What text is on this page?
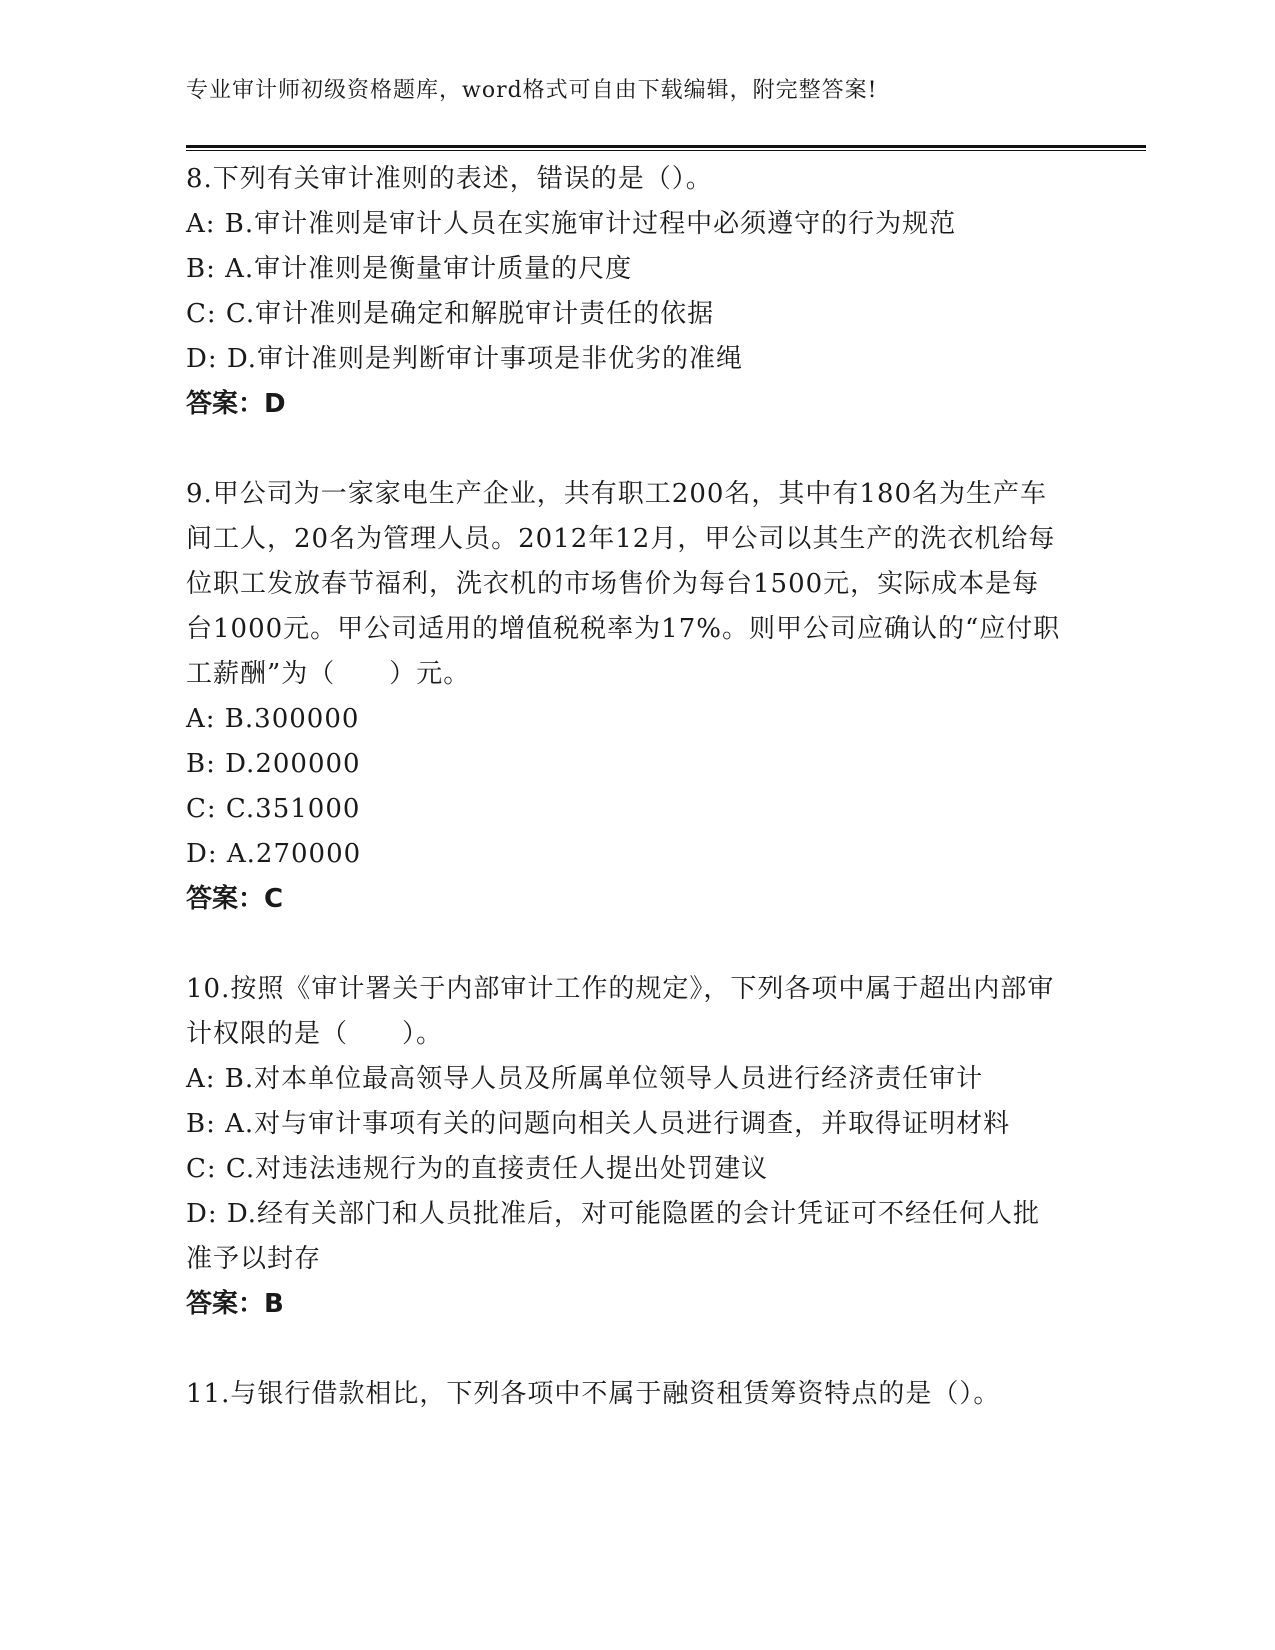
专业审计师初级资格题库，word格式可自由下载编辑，附完整答案!
8.下列有关审计准则的表述，错误的是（）。
A: B.审计准则是审计人员在实施审计过程中必须遵守的行为规范
B: A.审计准则是衡量审计质量的尺度
C: C.审计准则是确定和解脱审计责任的依据
D: D.审计准则是判断审计事项是非优劣的准绳
答案：D
9.甲公司为一家家电生产企业，共有职工200名，其中有180名为生产车间工人，20名为管理人员。2012年12月，甲公司以其生产的洗衣机给每位职工发放春节福利，洗衣机的市场售价为每台1500元，实际成本是每台1000元。甲公司适用的增值税税率为17%。则甲公司应确认的“应付职工薪酬”为（　　）元。
A: B.300000
B: D.200000
C: C.351000
D: A.270000
答案：C
10.按照《审计署关于内部审计工作的规定》，下列各项中属于超出内部审计权限的是（　　）。
A: B.对本单位最高领导人员及所属单位领导人员进行经济责任审计
B: A.对与审计事项有关的问题向相关人员进行调查，并取得证明材料
C: C.对违法违规行为的直接责任人提出处罚建议
D: D.经有关部门和人员批准后，对可能隐匿的会计凭证可不经任何人批准予以封存
答案：B
11.与银行借款相比，下列各项中不属于融资租赁筹资特点的是（）。
